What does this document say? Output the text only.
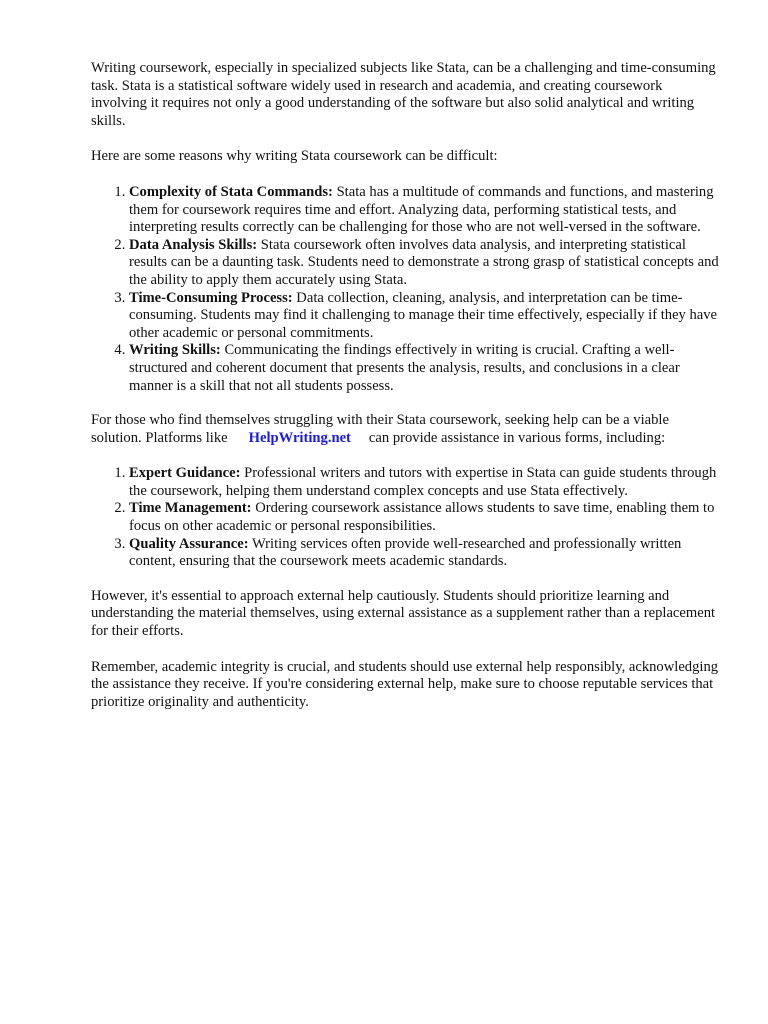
Writing coursework, especially in specialized subjects like Stata, can be a challenging and time-consuming task. Stata is a statistical software widely used in research and academia, and creating coursework involving it requires not only a good understanding of the software but also solid analytical and writing skills.

Here are some reasons why writing Stata coursework can be difficult:

1. Complexity of Stata Commands: Stata has a multitude of commands and functions, and mastering them for coursework requires time and effort. Analyzing data, performing statistical tests, and interpreting results correctly can be challenging for those who are not well-versed in the software.
2. Data Analysis Skills: Stata coursework often involves data analysis, and interpreting statistical results can be a daunting task. Students need to demonstrate a strong grasp of statistical concepts and the ability to apply them accurately using Stata.
3. Time-Consuming Process: Data collection, cleaning, analysis, and interpretation can be time-consuming. Students may find it challenging to manage their time effectively, especially if they have other academic or personal commitments.
4. Writing Skills: Communicating the findings effectively in writing is crucial. Crafting a well-structured and coherent document that presents the analysis, results, and conclusions in a clear manner is a skill that not all students possess.

For those who find themselves struggling with their Stata coursework, seeking help can be a viable solution. Platforms like HelpWriting.net can provide assistance in various forms, including:

1. Expert Guidance: Professional writers and tutors with expertise in Stata can guide students through the coursework, helping them understand complex concepts and use Stata effectively.
2. Time Management: Ordering coursework assistance allows students to save time, enabling them to focus on other academic or personal responsibilities.
3. Quality Assurance: Writing services often provide well-researched and professionally written content, ensuring that the coursework meets academic standards.

However, it's essential to approach external help cautiously. Students should prioritize learning and understanding the material themselves, using external assistance as a supplement rather than a replacement for their efforts.

Remember, academic integrity is crucial, and students should use external help responsibly, acknowledging the assistance they receive. If you're considering external help, make sure to choose reputable services that prioritize originality and authenticity.
